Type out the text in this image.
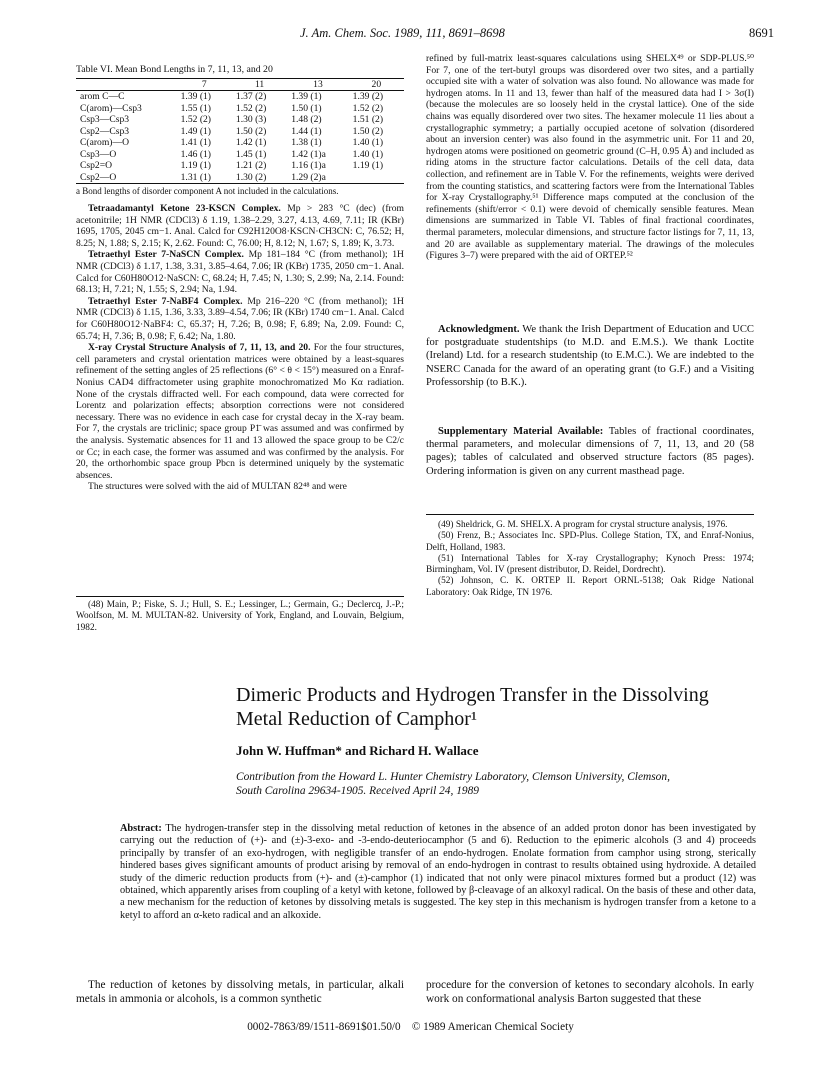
J. Am. Chem. Soc. 1989, 111, 8691–8698	8691
Table VI. Mean Bond Lengths in 7, 11, 13, and 20
	7	11	13	20
arom C—C	1.39 (1)	1.37 (2)	1.39 (1)	1.39 (2)
C(arom)—Csp3	1.55 (1)	1.52 (2)	1.50 (1)	1.52 (2)
Csp3—Csp3	1.52 (2)	1.30 (3)	1.48 (2)	1.51 (2)
Csp2—Csp3	1.49 (1)	1.50 (2)	1.44 (1)	1.50 (2)
C(arom)—O	1.41 (1)	1.42 (1)	1.38 (1)	1.40 (1)
Csp3—O	1.46 (1)	1.45 (1)	1.42 (1)a	1.40 (1)
Csp2=O	1.19 (1)	1.21 (2)	1.16 (1)a	1.19 (1)
Csp2—O	1.31 (1)	1.30 (2)	1.29 (2)a	
a Bond lengths of disorder component A not included in the calculations.

Tetraadamantyl Ketone 23-KSCN Complex. Mp > 283 °C (dec) (from acetonitrile; 1H NMR (CDCl3) δ 1.19, 1.38–2.29, 3.27, 4.13, 4.69, 7.11; IR (KBr) 1695, 1705, 2045 cm−1. Anal. Calcd for C92H120O8·KSCN·CH3CN: C, 76.52; H, 8.25; N, 1.88; S, 2.15; K, 2.62. Found: C, 76.00; H, 8.12; N, 1.67; S, 1.89; K, 3.73.

Tetraethyl Ester 7-NaSCN Complex. Mp 181–184 °C (from methanol); 1H NMR (CDCl3) δ 1.17, 1.38, 3.31, 3.85–4.64, 7.06; IR (KBr) 1735, 2050 cm−1. Anal. Calcd for C60H80O12·NaSCN: C, 68.24; H, 7.45; N, 1.30; S, 2.99; Na, 2.14. Found: 68.13; H, 7.21; N, 1.55; S, 2.94; Na, 1.94.

Tetraethyl Ester 7-NaBF4 Complex. Mp 216–220 °C (from methanol); 1H NMR (CDCl3) δ 1.15, 1.36, 3.33, 3.89–4.54, 7.06; IR (KBr) 1740 cm−1. Anal. Calcd for C60H80O12·NaBF4: C, 65.37; H, 7.26; B, 0.98; F, 6.89; Na, 2.09. Found: C, 65.74; H, 7.36; B, 0.98; F, 6.42; Na, 1.80.

X-ray Crystal Structure Analysis of 7, 11, 13, and 20. For the four structures, cell parameters and crystal orientation matrices were obtained by a least-squares refinement of the setting angles of 25 reflections (6° < θ < 15°) measured on a Enraf-Nonius CAD4 diffractometer using graphite monochromatized Mo Kα radiation. None of the crystals diffracted well. For each compound, data were corrected for Lorentz and polarization effects; absorption corrections were not considered necessary. There was no evidence in each case for crystal decay in the X-ray beam. For 7, the crystals are triclinic; space group P1̄ was assumed and was confirmed by the analysis. Systematic absences for 11 and 13 allowed the space group to be C2/c or Cc; in each case, the former was assumed and was confirmed by the analysis. For 20, the orthorhombic space group Pbcn is determined uniquely by the systematic absences.

The structures were solved with the aid of MULTAN 82⁴⁸ and were

(48) Main, P.; Fiske, S. J.; Hull, S. E.; Lessinger, L.; Germain, G.; Declercq, J.-P.; Woolfson, M. M. MULTAN-82. University of York, England, and Louvain, Belgium, 1982.

refined by full-matrix least-squares calculations using SHELX⁴⁹ or SDP-PLUS.⁵⁰ For 7, one of the tert-butyl groups was disordered over two sites, and a partially occupied site with a water of solvation was also found. No allowance was made for hydrogen atoms. In 11 and 13, fewer than half of the measured data had I > 3σ(I) (because the molecules are so loosely held in the crystal lattice). One of the side chains was equally disordered over two sites. The hexamer molecule 11 lies about a crystallographic symmetry; a partially occupied acetone of solvation (disordered about an inversion center) was also found in the asymmetric unit. For 11 and 20, hydrogen atoms were positioned on geometric ground (C–H, 0.95 Å) and included as riding atoms in the structure factor calculations. Details of the cell data, data collection, and refinement are in Table V. For the refinements, weights were derived from the counting statistics, and scattering factors were from the International Tables for X-ray Crystallography.⁵¹ Difference maps computed at the conclusion of the refinements (shift/error < 0.1) were devoid of chemically sensible features. Mean dimensions are summarized in Table VI. Tables of final fractional coordinates, thermal parameters, molecular dimensions, and structure factor listings for 7, 11, 13, and 20 are available as supplementary material. The drawings of the molecules (Figures 3–7) were prepared with the aid of ORTEP.⁵²

Acknowledgment. We thank the Irish Department of Education and UCC for postgraduate studentships (to M.D. and E.M.S.). We thank Loctite (Ireland) Ltd. for a research studentship (to E.M.C.). We are indebted to the NSERC Canada for the award of an operating grant (to G.F.) and a Visiting Professorship (to B.K.).

Supplementary Material Available: Tables of fractional coordinates, thermal parameters, and molecular dimensions of 7, 11, 13, and 20 (58 pages); tables of calculated and observed structure factors (85 pages). Ordering information is given on any current masthead page.

(49) Sheldrick, G. M. SHELX. A program for crystal structure analysis, 1976.

(50) Frenz, B.; Associates Inc. SPD-Plus. College Station, TX, and Enraf-Nonius, Delft, Holland, 1983.

(51) International Tables for X-ray Crystallography; Kynoch Press: 1974; Birmingham, Vol. IV (present distributor, D. Reidel, Dordrecht).

(52) Johnson, C. K. ORTEP II. Report ORNL-5138; Oak Ridge National Laboratory: Oak Ridge, TN 1976.

Dimeric Products and Hydrogen Transfer in the Dissolving
Metal Reduction of Camphor¹
John W. Huffman* and Richard H. Wallace
Contribution from the Howard L. Hunter Chemistry Laboratory, Clemson University, Clemson,
South Carolina 29634-1905. Received April 24, 1989
Abstract: The hydrogen-transfer step in the dissolving metal reduction of ketones in the absence of an added proton donor has been investigated by carrying out the reduction of (+)- and (±)-3-exo- and -3-endo-deuteriocamphor (5 and 6). Reduction to the epimeric alcohols (3 and 4) proceeds principally by transfer of an exo-hydrogen, with negligible transfer of an endo-hydrogen. Enolate formation from camphor using strong, sterically hindered bases gives significant amounts of product arising by removal of an endo-hydrogen in contrast to results obtained using hydroxide. A detailed study of the dimeric reduction products from (+)- and (±)-camphor (1) indicated that not only were pinacol mixtures formed but a product (12) was obtained, which apparently arises from coupling of a ketyl with ketone, followed by β-cleavage of an alkoxyl radical. On the basis of these and other data, a new mechanism for the reduction of ketones by dissolving metals is suggested. The key step in this mechanism is hydrogen transfer from a ketone to a ketyl to afford an α-keto radical and an alkoxide.
The reduction of ketones by dissolving metals, in particular, alkali metals in ammonia or alcohols, is a common synthetic
procedure for the conversion of ketones to secondary alcohols. In early work on conformational analysis Barton suggested that these
0002-7863/89/1511-8691$01.50/0 © 1989 American Chemical Society
